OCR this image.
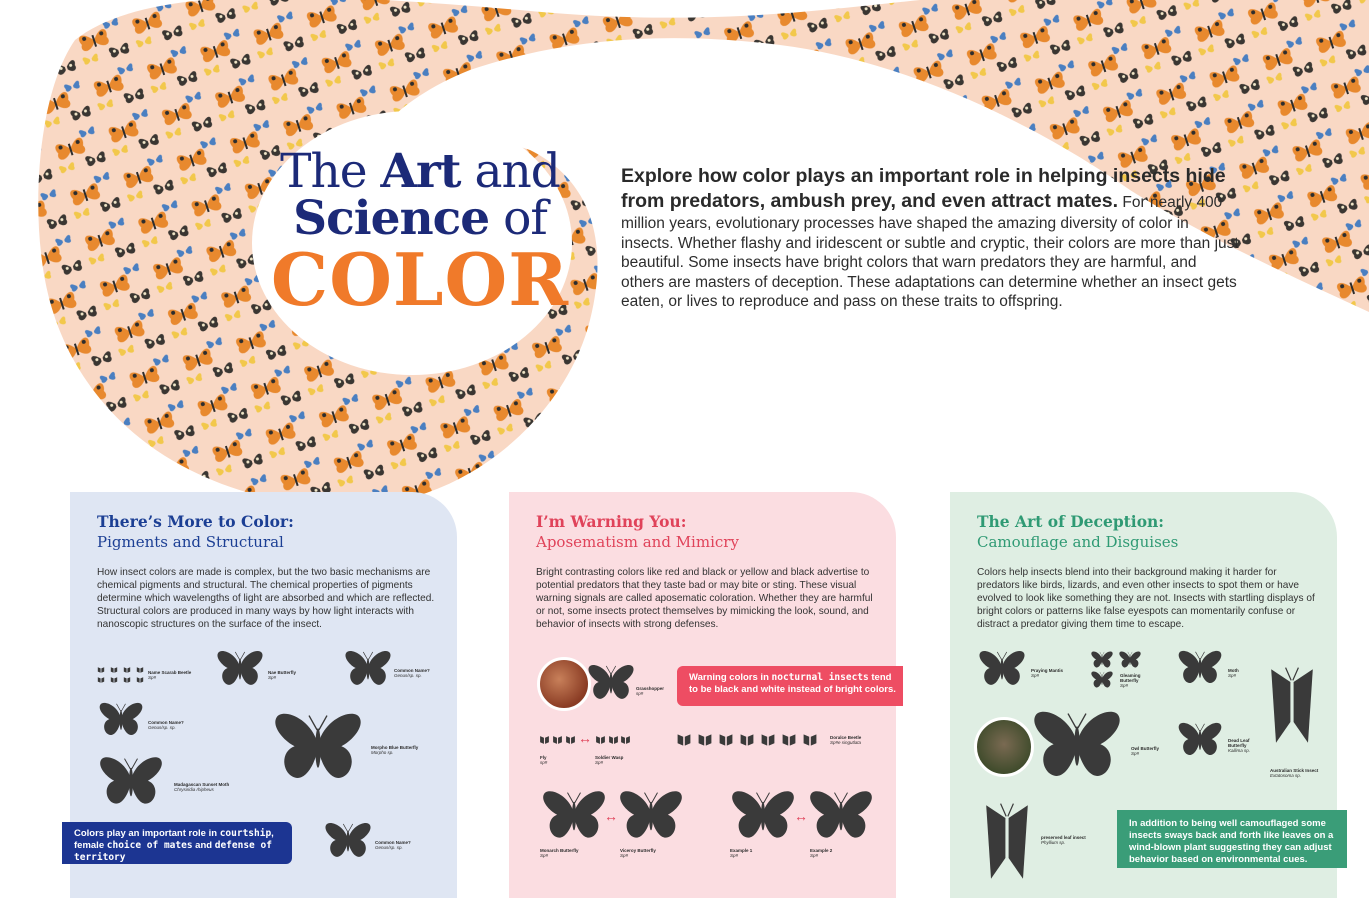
The Art and
Science of
COLOR
Explore how color plays an important role in helping insects hide from predators, ambush prey, and even attract mates. For nearly 400 million years, evolutionary processes have shaped the amazing diversity of color in insects. Whether flashy and iridescent or subtle and cryptic, their colors are more than just beautiful. Some insects have bright colors that warn predators they are harmful, and others are masters of deception. These adaptations can determine whether an insect gets eaten, or lives to reproduce and pass on these traits to offspring.
There’s More to Color:
Pigments and Structural
How insect colors are made is complex, but the two basic mechanisms are chemical pigments and structural. The chemical properties of pigments determine which wavelengths of light are absorbed and which are reflected. Structural colors are produced in many ways by how light interacts with nanoscopic structures on the surface of the insect.
I’m Warning You:
Aposematism and Mimicry
Bright contrasting colors like red and black or yellow and black advertise to potential predators that they taste bad or may bite or sting. These visual warning signals are called aposematic coloration. Whether they are harmful or not, some insects protect themselves by mimicking the look, sound, and behavior of insects with strong defenses.
The Art of Deception:
Camouflage and Disguises
Colors help insects blend into their background making it harder for predators like birds, lizards, and even other insects to spot them or have evolved to look like something they are not. Insects with startling displays of bright colors or patterns like false eyespots can momentarily confuse or distract a predator giving them time to escape.
Name Scarab Beetle
Sp#
Nae Butterfly
Sp#
Common Name?
Genus/sp. sp.
Common Name?
Genus/sp. sp.
Morpho Blue Butterfly
Morpho sp.
Madagascan Sunset Moth
Chrysiridia rhipheus
Common Name?
Genus/sp. sp.
Colors play an important role in courtship,
female choice of mates and defense of territory
Grasshopper
sp#
Warning colors in nocturnal insects tend to be black and white instead of bright colors.
↔
Fly
sp#
Soldier Wasp
Sp#
Doralce Beetle
Sp#e singutlata
↔
Monarch Butterfly
Sp#
Viceroy Butterfly
Sp#
↔
Example 1
Sp#
Example 2
Sp#
Praying Mantis
Sp#	Gleaming Butterfly
Sp#
Moth
Sp#
Australian Stick Insect
Extatosoma sp.
Owl Butterfly
Sp#
Dead Leaf Butterfly
Kallima sp.
preserved leaf insect
Phyllium sp.
In addition to being well camouflaged some insects sways back and forth like leaves on a wind-blown plant suggesting they can adjust behavior based on environmental cues.
